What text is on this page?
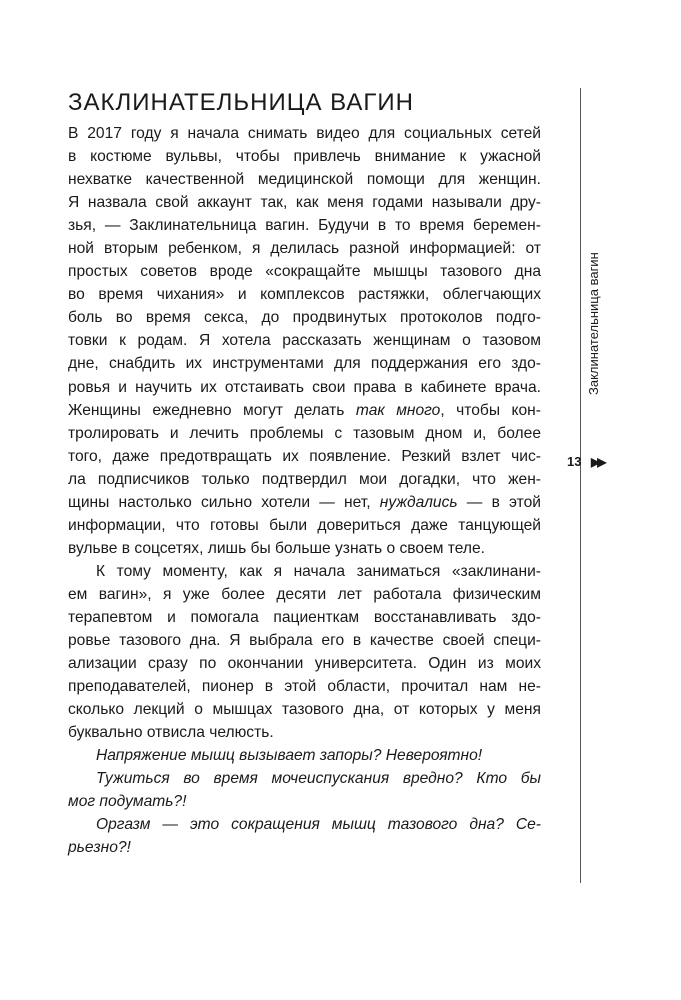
ЗАКЛИНАТЕЛЬНИЦА ВАГИН
В 2017 году я начала снимать видео для социальных сетей
в костюме вульвы, чтобы привлечь внимание к ужасной
нехватке качественной медицинской помощи для женщин.
Я назвала свой аккаунт так, как меня годами называли дру-
зья, — Заклинательница вагин. Будучи в то время беремен-
ной вторым ребенком, я делилась разной информацией: от
простых советов вроде «сокращайте мышцы тазового дна
во время чихания» и комплексов растяжки, облегчающих
боль во время секса, до продвинутых протоколов подго-
товки к родам. Я хотела рассказать женщинам о тазовом
дне, снабдить их инструментами для поддержания его здо-
ровья и научить их отстаивать свои права в кабинете врача.
Женщины ежедневно могут делать так много, чтобы кон-
тролировать и лечить проблемы с тазовым дном и, более
того, даже предотвращать их появление. Резкий взлет чис-
ла подписчиков только подтвердил мои догадки, что жен-
щины настолько сильно хотели — нет, нуждались — в этой
информации, что готовы были довериться даже танцующей
вульве в соцсетях, лишь бы больше узнать о своем теле.
К тому моменту, как я начала заниматься «заклинани-
ем вагин», я уже более десяти лет работала физическим
терапевтом и помогала пациенткам восстанавливать здо-
ровье тазового дна. Я выбрала его в качестве своей специ-
ализации сразу по окончании университета. Один из моих
преподавателей, пионер в этой области, прочитал нам не-
сколько лекций о мышцах тазового дна, от которых у меня
буквально отвисла челюсть.
Напряжение мышц вызывает запоры? Невероятно!
Тужиться во время мочеиспускания вредно? Кто бы
мог подумать?!
Оргазм — это сокращения мышц тазового дна? Се-
рьезно?!
Заклинательница вагин
13 ▶▶
